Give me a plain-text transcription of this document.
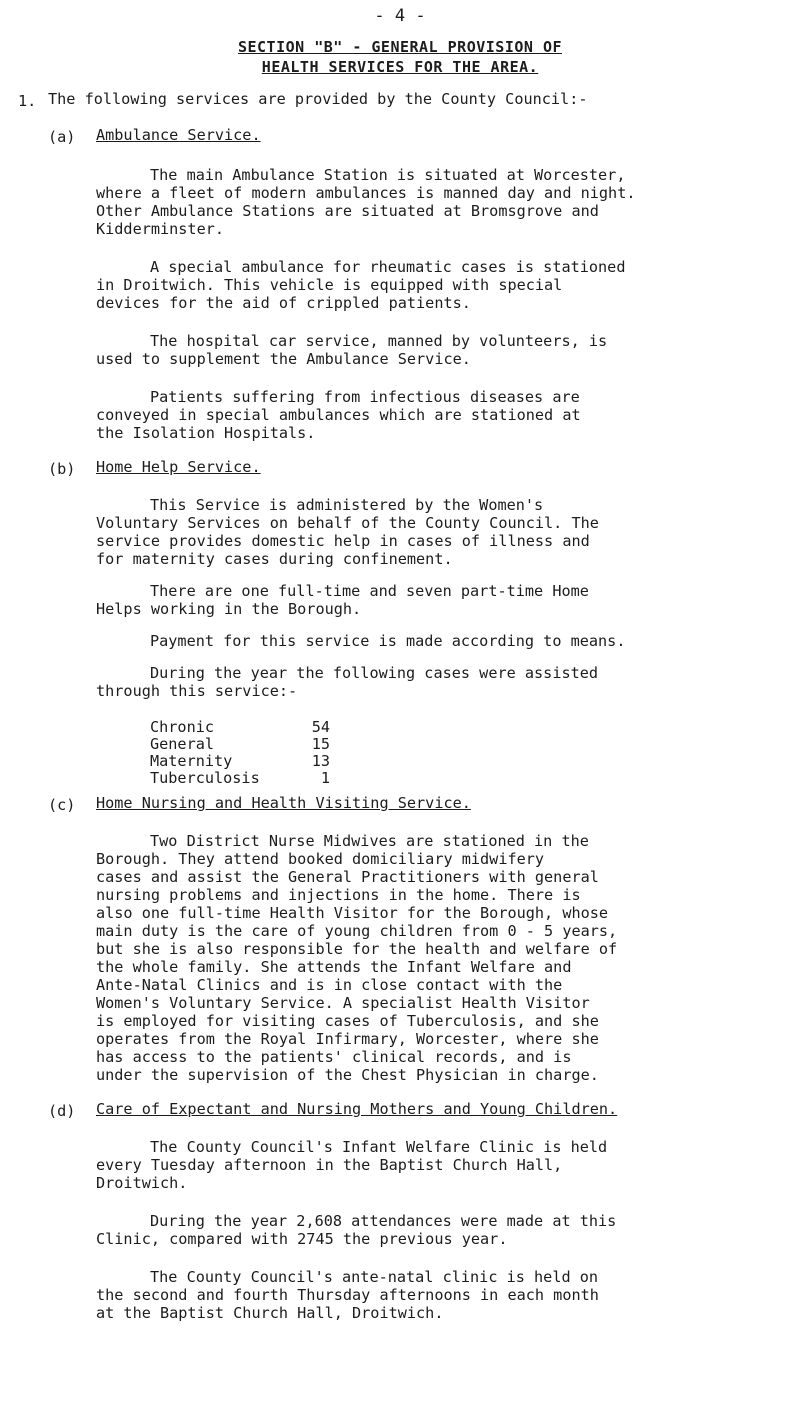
- 4 -
SECTION "B" - GENERAL PROVISION OF
HEALTH SERVICES FOR THE AREA.
1. The following services are provided by the County Council:-
(a) Ambulance Service.
The main Ambulance Station is situated at Worcester,
where a fleet of modern ambulances is manned day and night.
Other Ambulance Stations are situated at Bromsgrove and
Kidderminster.
A special ambulance for rheumatic cases is stationed
in Droitwich. This vehicle is equipped with special
devices for the aid of crippled patients.
The hospital car service, manned by volunteers, is
used to supplement the Ambulance Service.
Patients suffering from infectious diseases are
conveyed in special ambulances which are stationed at
the Isolation Hospitals.
(b) Home Help Service.
This Service is administered by the Women's
Voluntary Services on behalf of the County Council. The
service provides domestic help in cases of illness and
for maternity cases during confinement.
There are one full-time and seven part-time Home
Helps working in the Borough.
Payment for this service is made according to means.
During the year the following cases were assisted
through this service:-
Chronic	54
General	15
Maternity	13
Tuberculosis	1
(c) Home Nursing and Health Visiting Service.
Two District Nurse Midwives are stationed in the
Borough. They attend booked domiciliary midwifery
cases and assist the General Practitioners with general
nursing problems and injections in the home. There is
also one full-time Health Visitor for the Borough, whose
main duty is the care of young children from 0 - 5 years,
but she is also responsible for the health and welfare of
the whole family. She attends the Infant Welfare and
Ante-Natal Clinics and is in close contact with the
Women's Voluntary Service. A specialist Health Visitor
is employed for visiting cases of Tuberculosis, and she
operates from the Royal Infirmary, Worcester, where she
has access to the patients' clinical records, and is
under the supervision of the Chest Physician in charge.
(d) Care of Expectant and Nursing Mothers and Young Children.
The County Council's Infant Welfare Clinic is held
every Tuesday afternoon in the Baptist Church Hall,
Droitwich.
During the year 2,608 attendances were made at this
Clinic, compared with 2745 the previous year.
The County Council's ante-natal clinic is held on
the second and fourth Thursday afternoons in each month
at the Baptist Church Hall, Droitwich.
